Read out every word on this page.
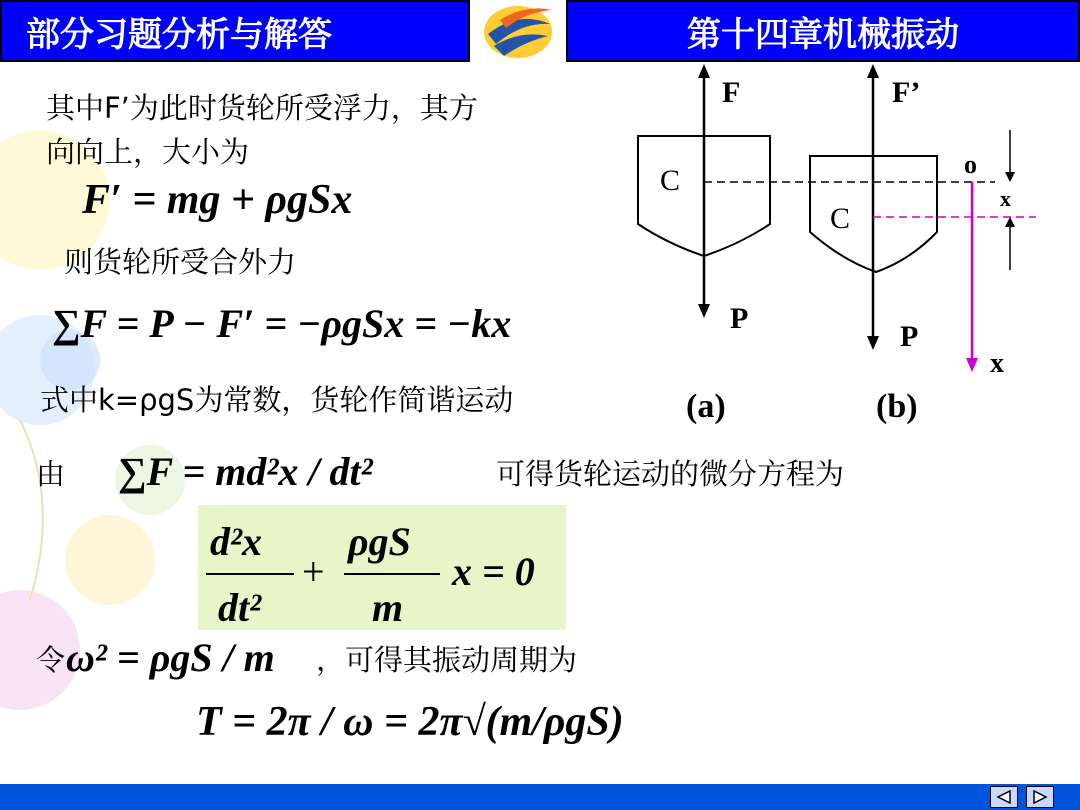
部分习题分析与解答	第十四章机械振动
其中F’为此时货轮所受浮力，其方
向向上，大小为
F′ = mg + ρgSx
则货轮所受合外力
∑F = P − F′ = −ρgSx = −kx
式中k=ρgS为常数，货轮作简谐运动
由 ∑F = md²x / dt²	可得货轮运动的微分方程为
d²x
dt²
+
ρgS
m
x = 0
令 ω² = ρgS / m ，可得其振动周期为
T = 2π / ω = 2π√(m/ρgS)
F	F’
C
C
P
P
o
x
x
(a)	(b)
